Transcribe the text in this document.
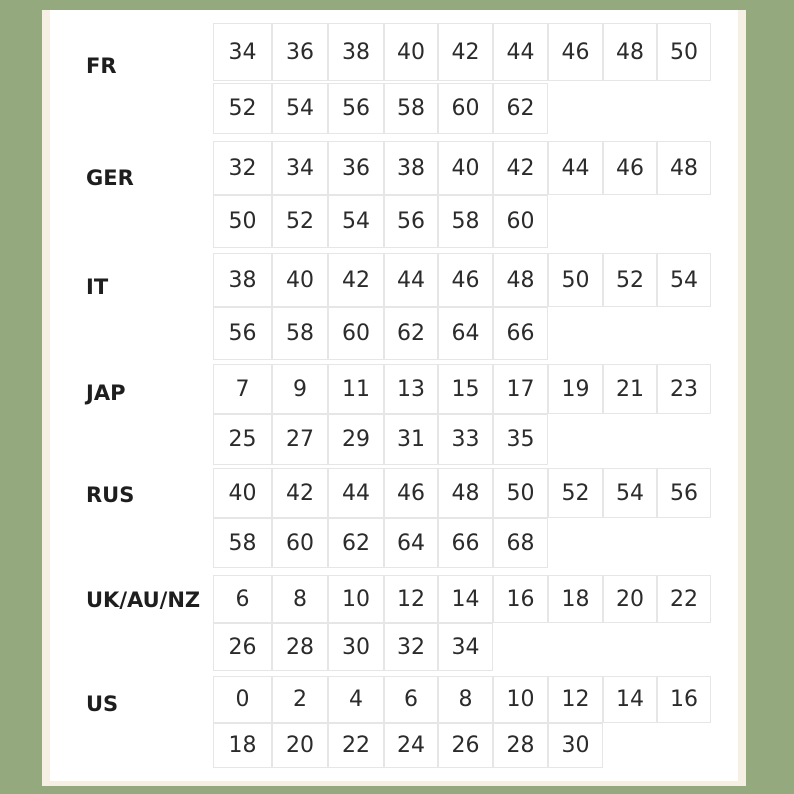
FR
34	36	38	40	42	44	46	48	50
52	54	56	58	60	62
GER	32	34	36	38	40	42	44	46	48
50	52	54	56	58	60
IT	38	40	42	44	46	48	50	52	54
56	58	60	62	64	66
JAP	7	9	11	13	15	17	19	21	23
25	27	29	31	33	35
RUS	40	42	44	46	48	50	52	54	56
58	60	62	64	66	68
UK/AU/NZ	6	8	10	12	14	16	18	20	22
26	28	30	32	34
US	0	2	4	6	8	10	12	14	16
18	20	22	24	26	28	30
